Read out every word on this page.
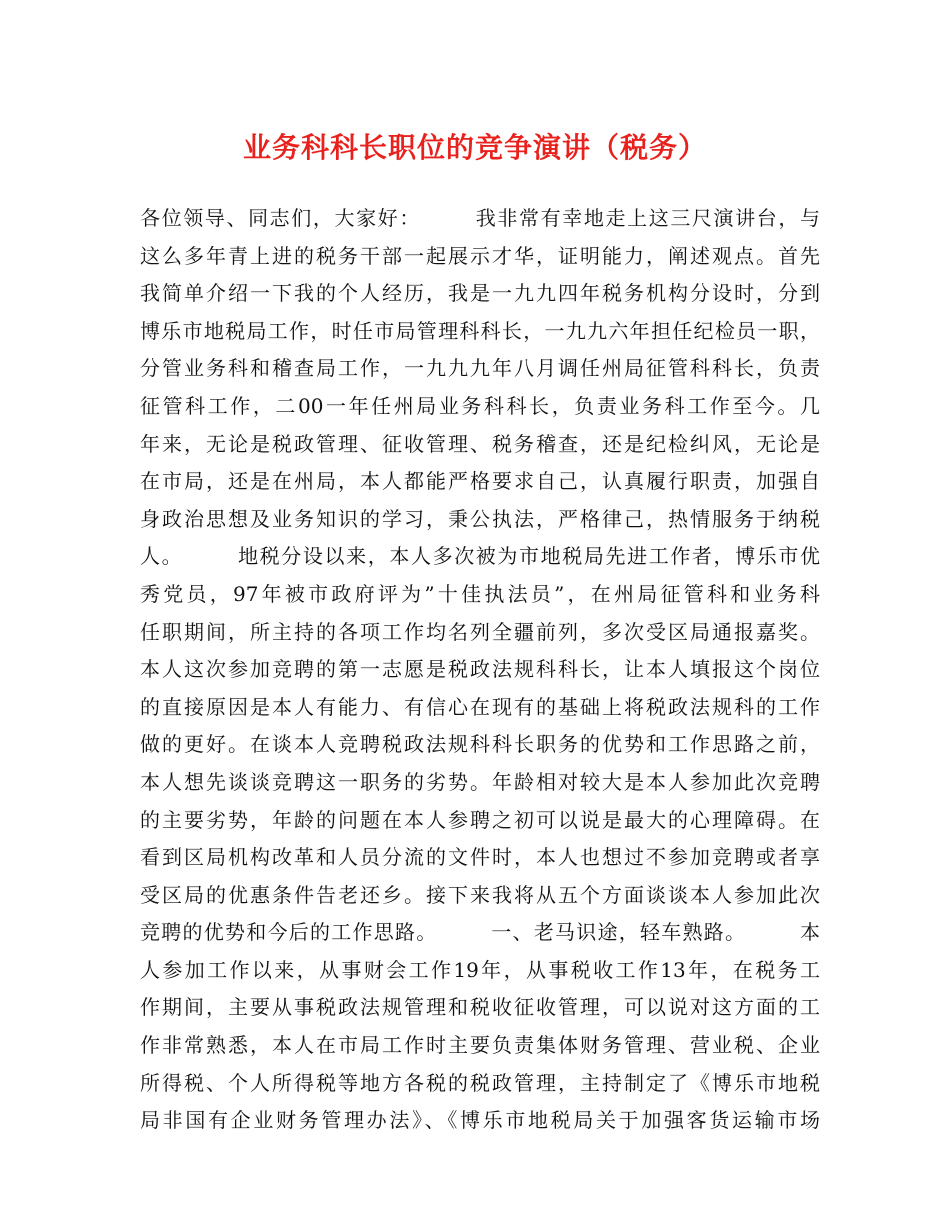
业务科科长职位的竞争演讲（税务）
各位领导、同志们，大家好：　　　我非常有幸地走上这三尺演讲台，与
这么多年青上进的税务干部一起展示才华，证明能力，阐述观点。首先
我简单介绍一下我的个人经历，我是一九九四年税务机构分设时，分到
博乐市地税局工作，时任市局管理科科长，一九九六年担任纪检员一职，
分管业务科和稽查局工作，一九九九年八月调任州局征管科科长，负责
征管科工作，二00一年任州局业务科科长，负责业务科工作至今。几
年来，无论是税政管理、征收管理、税务稽查，还是纪检纠风，无论是
在市局，还是在州局，本人都能严格要求自己，认真履行职责，加强自
身政治思想及业务知识的学习，秉公执法，严格律己，热情服务于纳税
人。　　　地税分设以来，本人多次被为市地税局先进工作者，博乐市优
秀党员，97年被市政府评为”十佳执法员”，在州局征管科和业务科
任职期间，所主持的各项工作均名列全疆前列，多次受区局通报嘉奖。
本人这次参加竞聘的第一志愿是税政法规科科长，让本人填报这个岗位
的直接原因是本人有能力、有信心在现有的基础上将税政法规科的工作
做的更好。在谈本人竞聘税政法规科科长职务的优势和工作思路之前，
本人想先谈谈竞聘这一职务的劣势。年龄相对较大是本人参加此次竞聘
的主要劣势，年龄的问题在本人参聘之初可以说是最大的心理障碍。在
看到区局机构改革和人员分流的文件时，本人也想过不参加竞聘或者享
受区局的优惠条件告老还乡。接下来我将从五个方面谈谈本人参加此次
竞聘的优势和今后的工作思路。　　　一、老马识途，轻车熟路。　　　本
人参加工作以来，从事财会工作19年，从事税收工作13年，在税务工
作期间，主要从事税政法规管理和税收征收管理，可以说对这方面的工
作非常熟悉，本人在市局工作时主要负责集体财务管理、营业税、企业
所得税、个人所得税等地方各税的税政管理，主持制定了《博乐市地税
局非国有企业财务管理办法》、《博乐市地税局关于加强客货运输市场
